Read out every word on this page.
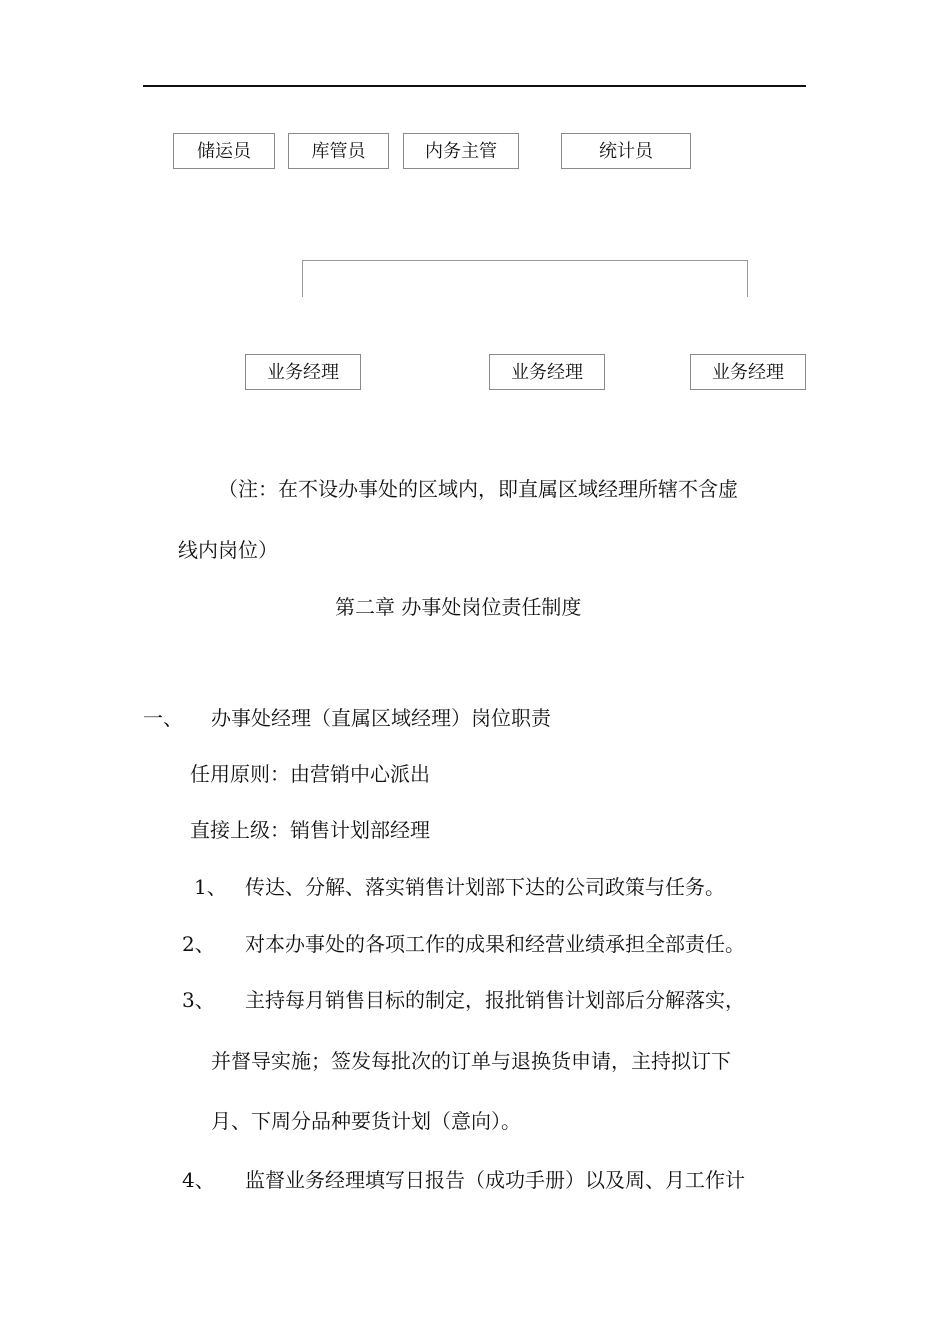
储运员	库管员	内务主管	统计员
业务经理	业务经理	业务经理
（注：在不设办事处的区域内，即直属区域经理所辖不含虚
线内岗位）
第二章 办事处岗位责任制度
一、 办事处经理（直属区域经理）岗位职责
任用原则：由营销中心派出
直接上级：销售计划部经理
1、 传达、分解、落实销售计划部下达的公司政策与任务。
2、 对本办事处的各项工作的成果和经营业绩承担全部责任。
3、 主持每月销售目标的制定，报批销售计划部后分解落实，
并督导实施；签发每批次的订单与退换货申请，主持拟订下
月、下周分品种要货计划（意向）。
4、 监督业务经理填写日报告（成功手册）以及周、月工作计
